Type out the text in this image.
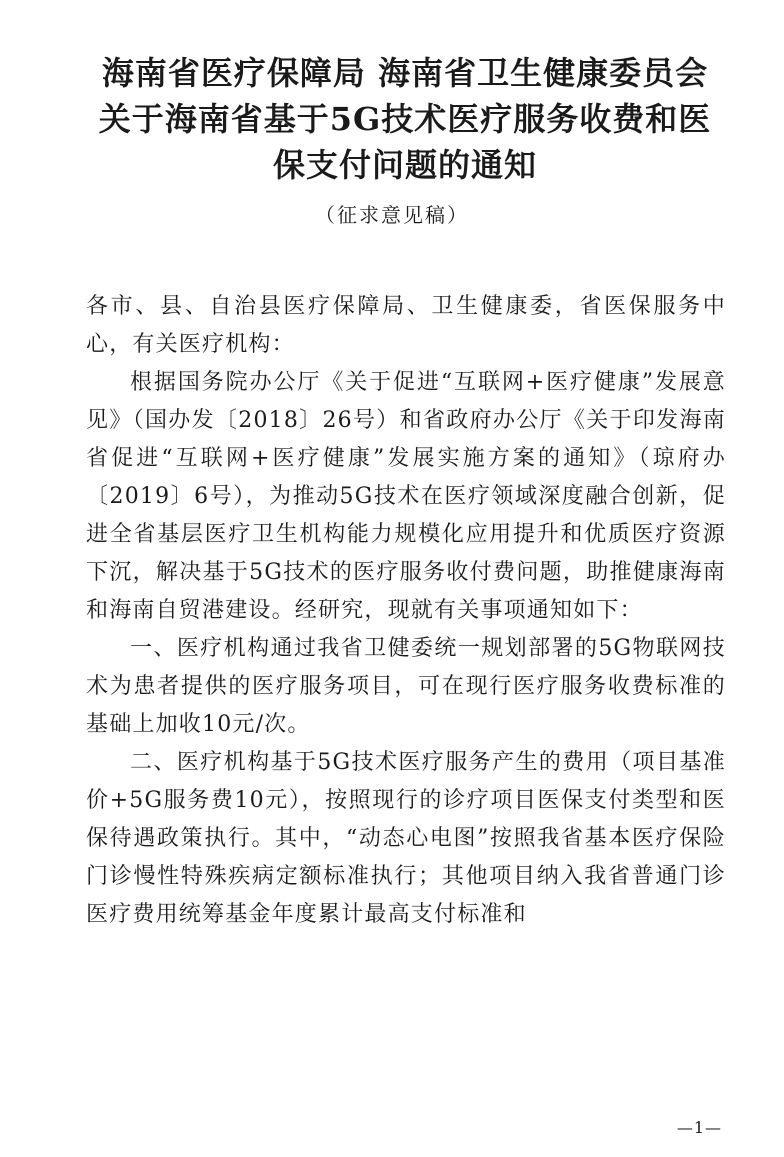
海南省医疗保障局 海南省卫生健康委员会
关于海南省基于5G技术医疗服务收费和医
保支付问题的通知
（征求意见稿）

各市、县、自治县医疗保障局、卫生健康委，省医保服务中心，有关医疗机构：

根据国务院办公厅《关于促进“互联网+医疗健康”发展意见》（国办发〔2018〕26号）和省政府办公厅《关于印发海南省促进“互联网+医疗健康”发展实施方案的通知》（琼府办〔2019〕6号），为推动5G技术在医疗领域深度融合创新，促进全省基层医疗卫生机构能力规模化应用提升和优质医疗资源下沉，解决基于5G技术的医疗服务收付费问题，助推健康海南和海南自贸港建设。经研究，现就有关事项通知如下：

一、医疗机构通过我省卫健委统一规划部署的5G物联网技术为患者提供的医疗服务项目，可在现行医疗服务收费标准的基础上加收10元/次。

二、医疗机构基于5G技术医疗服务产生的费用（项目基准价+5G服务费10元），按照现行的诊疗项目医保支付类型和医保待遇政策执行。其中，“动态心电图”按照我省基本医疗保险门诊慢性特殊疾病定额标准执行；其他项目纳入我省普通门诊医疗费用统筹基金年度累计最高支付标准和

—1—
